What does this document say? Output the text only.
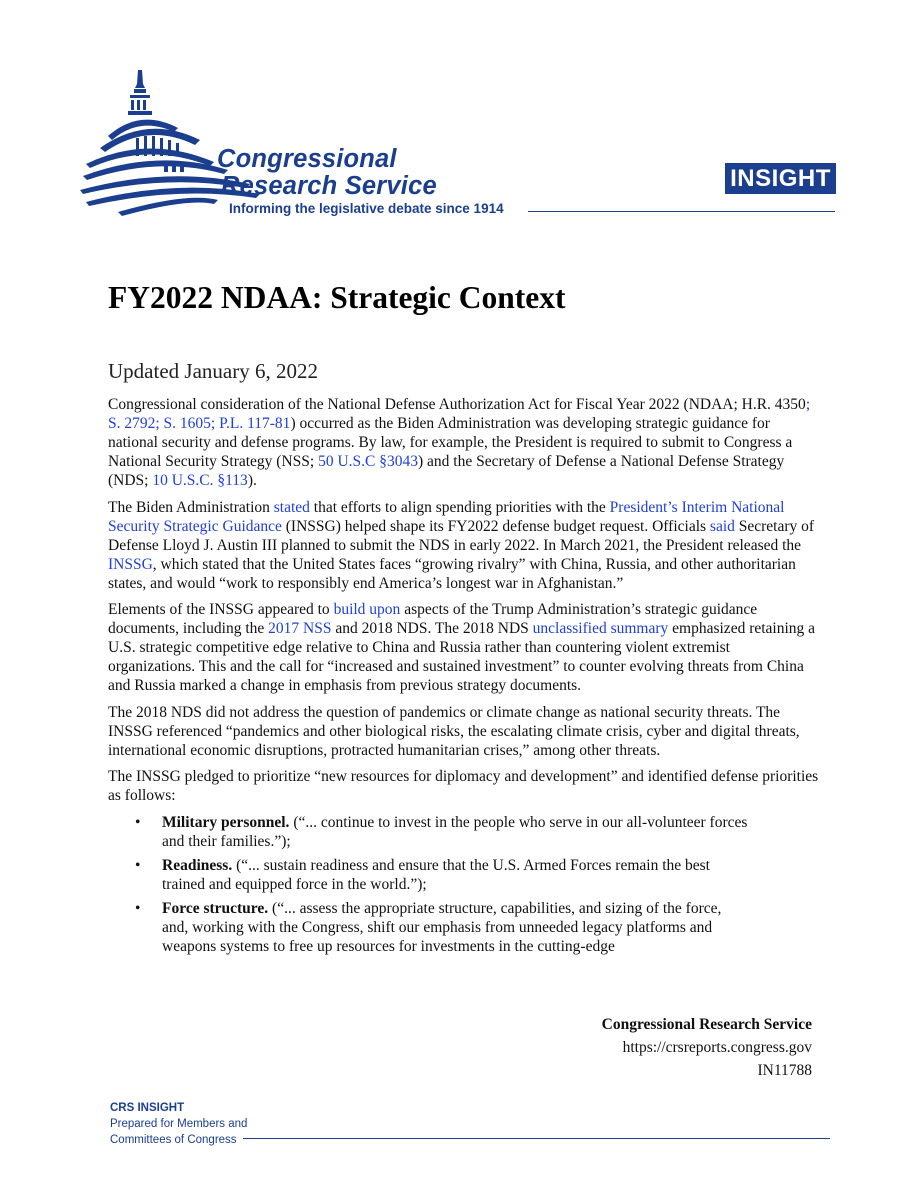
Congressional
Research Service
Informing the legislative debate since 1914
INSIGHT
FY2022 NDAA: Strategic Context
Updated January 6, 2022

Congressional consideration of the National Defense Authorization Act for Fiscal Year 2022 (NDAA; H.R. 4350; S. 2792; S. 1605; P.L. 117-81) occurred as the Biden Administration was developing strategic guidance for national security and defense programs. By law, for example, the President is required to submit to Congress a National Security Strategy (NSS; 50 U.S.C §3043) and the Secretary of Defense a National Defense Strategy (NDS; 10 U.S.C. §113).

The Biden Administration stated that efforts to align spending priorities with the President’s Interim National Security Strategic Guidance (INSSG) helped shape its FY2022 defense budget request. Officials said Secretary of Defense Lloyd J. Austin III planned to submit the NDS in early 2022. In March 2021, the President released the INSSG, which stated that the United States faces “growing rivalry” with China, Russia, and other authoritarian states, and would “work to responsibly end America’s longest war in Afghanistan.”

Elements of the INSSG appeared to build upon aspects of the Trump Administration’s strategic guidance documents, including the 2017 NSS and 2018 NDS. The 2018 NDS unclassified summary emphasized retaining a U.S. strategic competitive edge relative to China and Russia rather than countering violent extremist organizations. This and the call for “increased and sustained investment” to counter evolving threats from China and Russia marked a change in emphasis from previous strategy documents.

The 2018 NDS did not address the question of pandemics or climate change as national security threats. The INSSG referenced “pandemics and other biological risks, the escalating climate crisis, cyber and digital threats, international economic disruptions, protracted humanitarian crises,” among other threats.

The INSSG pledged to prioritize “new resources for diplomacy and development” and identified defense priorities as follows:

• Military personnel. (“... continue to invest in the people who serve in our all-volunteer forces and their families.”);
• Readiness. (“... sustain readiness and ensure that the U.S. Armed Forces remain the best trained and equipped force in the world.”);
• Force structure. (“... assess the appropriate structure, capabilities, and sizing of the force, and, working with the Congress, shift our emphasis from unneeded legacy platforms and weapons systems to free up resources for investments in the cutting-edge
Congressional Research Service
https://crsreports.congress.gov
IN11788
CRS INSIGHT
Prepared for Members and
Committees of Congress
